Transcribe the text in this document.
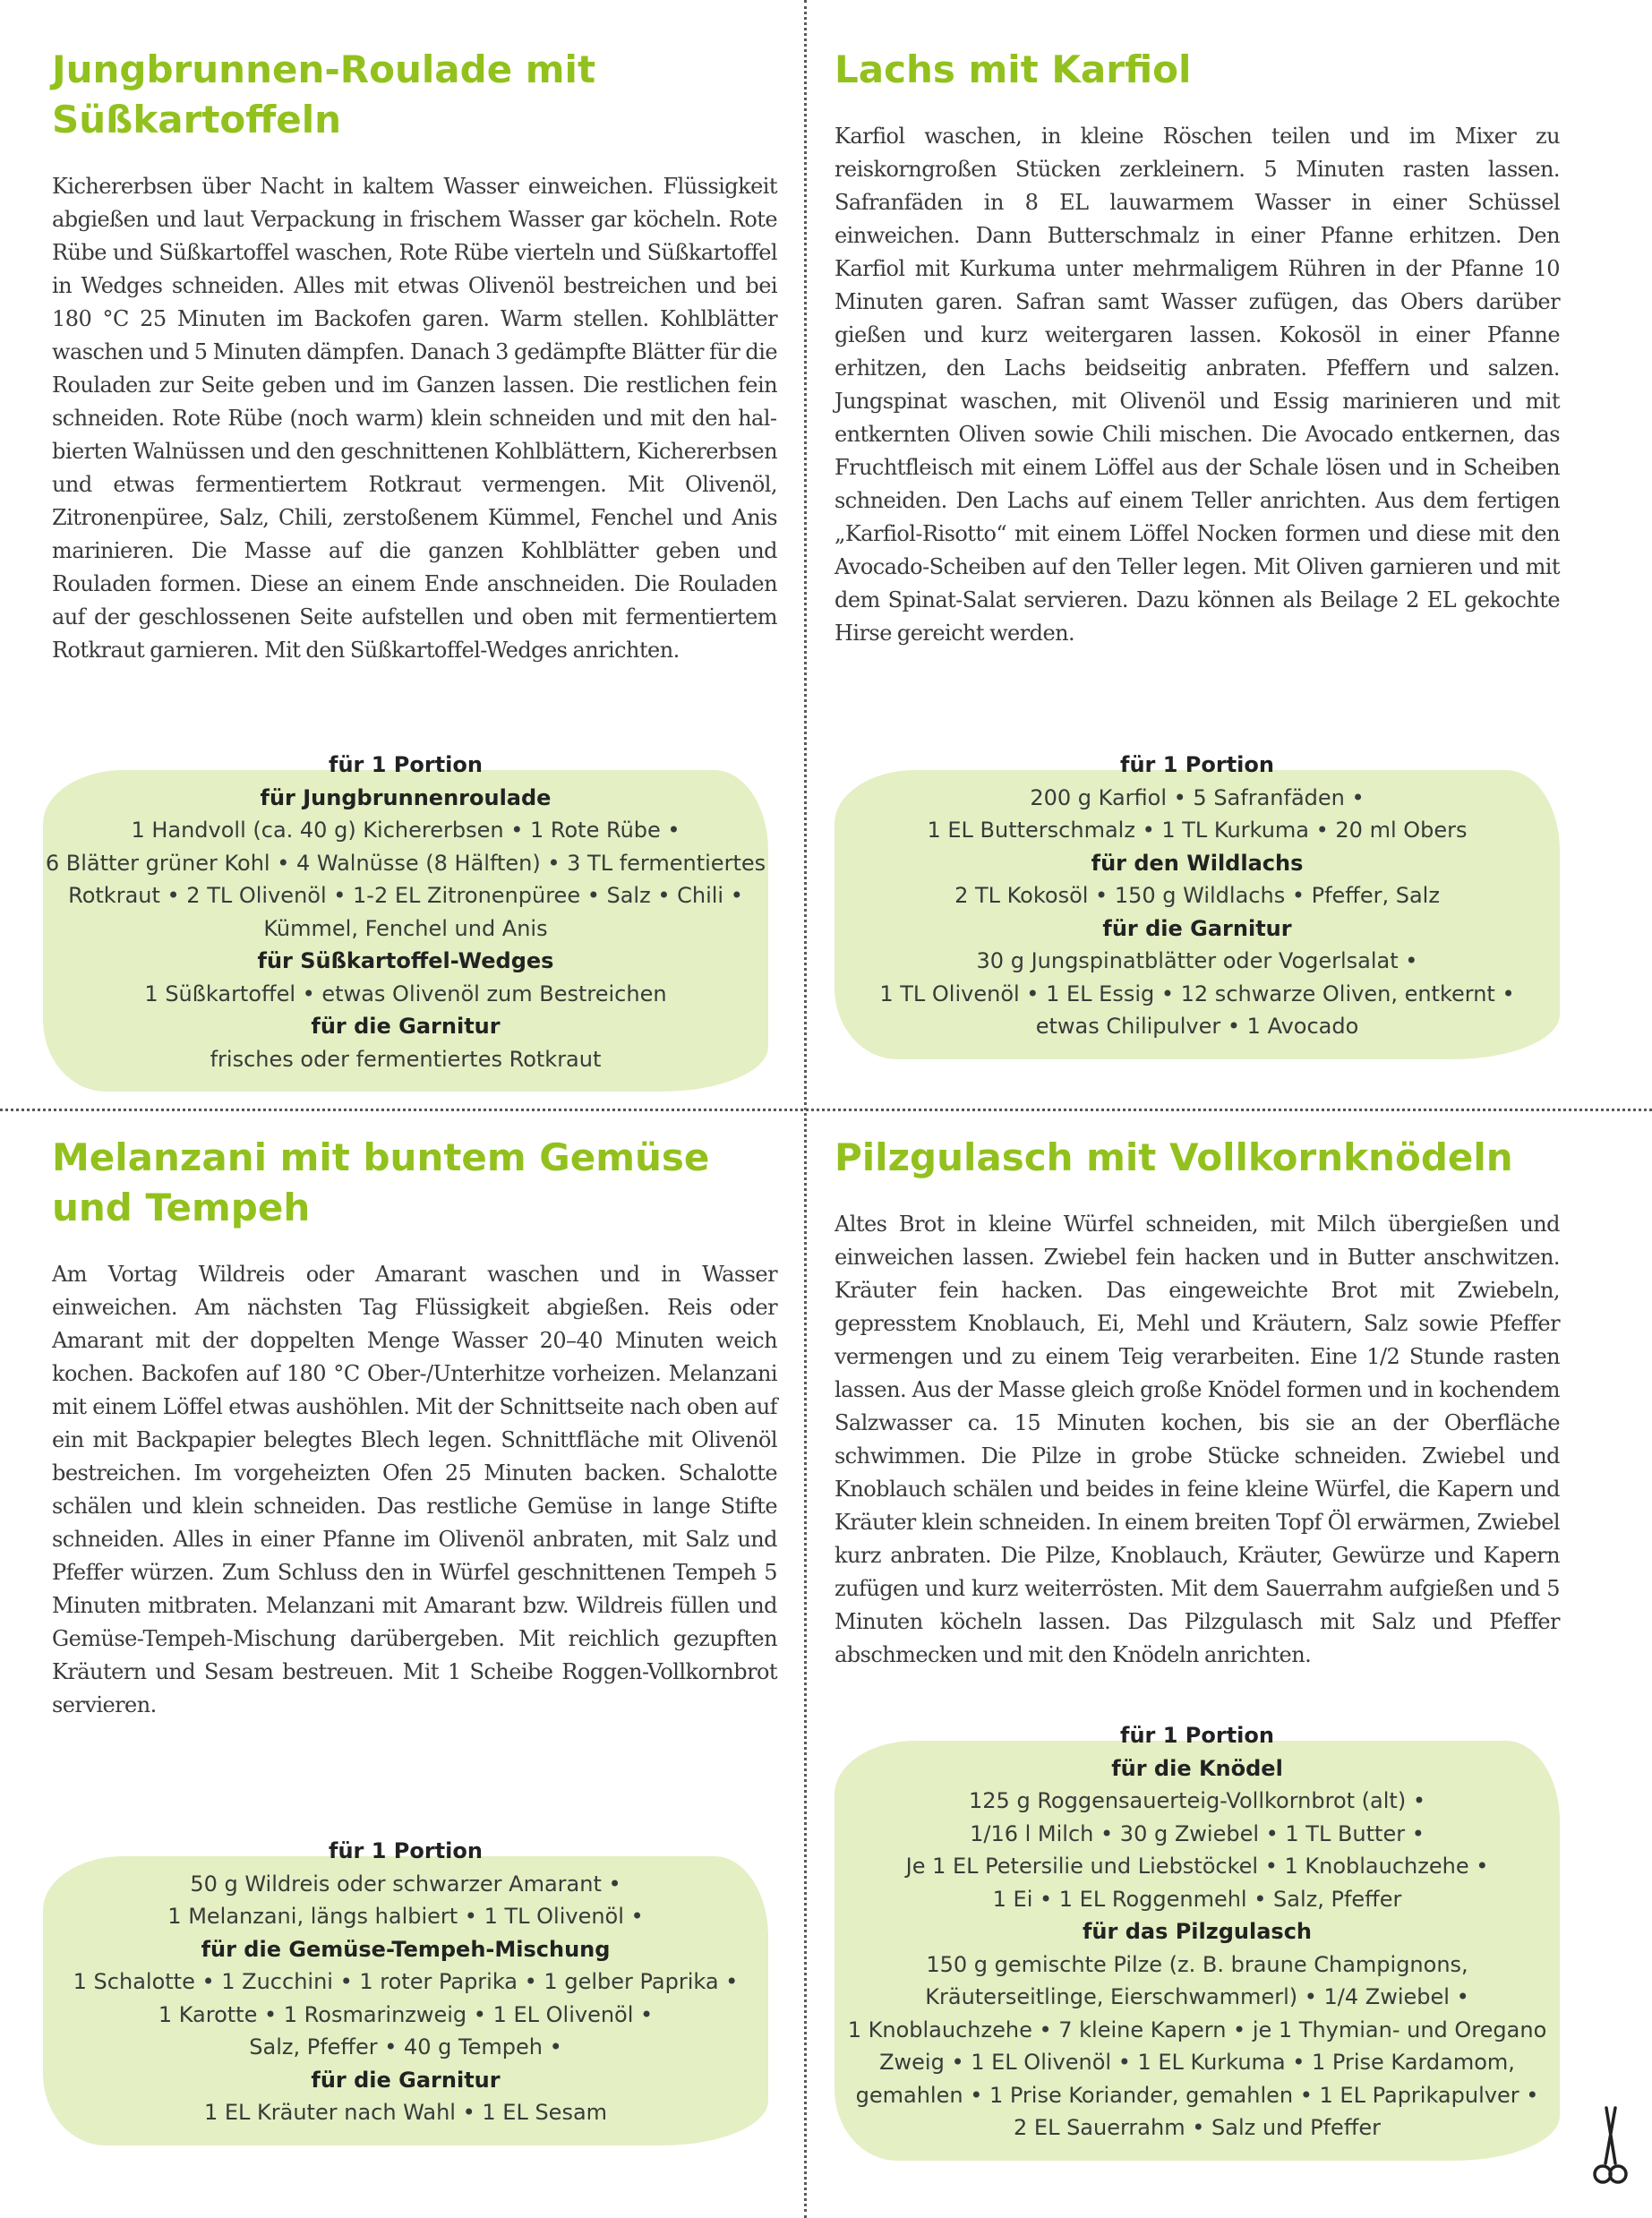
Jungbrunnen-Roulade mit Süßkartoffeln

Kichererbsen über Nacht in kaltem Wasser einweichen. Flüssigkeit abgießen und laut Verpackung in frischem Wasser gar köcheln. Rote Rübe und Süßkartoffel waschen, Rote Rübe vierteln und Süßkartoffel in Wedges schneiden. Alles mit etwas Olivenöl bestreichen und bei 180 °C 25 Minuten im Backofen garen. Warm stellen. Kohlblätter waschen und 5 Minuten dämpfen. Danach 3 gedämpfte Blätter für die Rouladen zur Seite geben und im Ganzen lassen. Die restlichen fein schneiden. Rote Rübe (noch warm) klein schneiden und mit den halbierten Walnüssen und den geschnittenen Kohlblättern, Kichererbsen und etwas fermentiertem Rotkraut vermengen. Mit Olivenöl, Zitronenpüree, Salz, Chili, zerstoßenem Kümmel, Fenchel und Anis marinieren. Die Masse auf die ganzen Kohlblätter geben und Rouladen formen. Diese an einem Ende anschneiden. Die Rouladen auf der geschlossenen Seite aufstellen und oben mit fermentiertem Rotkraut garnieren. Mit den Süßkartoffel-Wedges anrichten.

für 1 Portion
für Jungbrunnenroulade
1 Handvoll (ca. 40 g) Kichererbsen • 1 Rote Rübe •
6 Blätter grüner Kohl • 4 Walnüsse (8 Hälften) • 3 TL fermentiertes
Rotkraut • 2 TL Olivenöl • 1-2 EL Zitronenpüree • Salz • Chili •
Kümmel, Fenchel und Anis
für Süßkartoffel-Wedges
1 Süßkartoffel • etwas Olivenöl zum Bestreichen
für die Garnitur
frisches oder fermentiertes Rotkraut
Lachs mit Karfiol

Karfiol waschen, in kleine Röschen teilen und im Mixer zu reiskorngroßen Stücken zerkleinern. 5 Minuten rasten lassen. Safranfäden in 8 EL lauwarmem Wasser in einer Schüssel einweichen. Dann Butterschmalz in einer Pfanne erhitzen. Den Karfiol mit Kurkuma unter mehrmaligem Rühren in der Pfanne 10 Minuten garen. Safran samt Wasser zufügen, das Obers darüber gießen und kurz weitergaren lassen. Kokosöl in einer Pfanne erhitzen, den Lachs beidseitig anbraten. Pfeffern und salzen. Jungspinat waschen, mit Olivenöl und Essig marinieren und mit entkernten Oliven sowie Chili mischen. Die Avocado entkernen, das Fruchtfleisch mit einem Löffel aus der Schale lösen und in Scheiben schneiden. Den Lachs auf einem Teller anrichten. Aus dem fertigen „Karfiol-Risotto“ mit einem Löffel Nocken formen und diese mit den Avocado-Scheiben auf den Teller legen. Mit Oliven garnieren und mit dem Spinat-Salat servieren. Dazu können als Beilage 2 EL gekochte Hirse gereicht werden.

für 1 Portion
200 g Karfiol • 5 Safranfäden •
1 EL Butterschmalz • 1 TL Kurkuma • 20 ml Obers
für den Wildlachs
2 TL Kokosöl • 150 g Wildlachs • Pfeffer, Salz
für die Garnitur
30 g Jungspinatblätter oder Vogerlsalat •
1 TL Olivenöl • 1 EL Essig • 12 schwarze Oliven, entkernt •
etwas Chilipulver • 1 Avocado
Melanzani mit buntem Gemüse und Tempeh

Am Vortag Wildreis oder Amarant waschen und in Wasser einweichen. Am nächsten Tag Flüssigkeit abgießen. Reis oder Amarant mit der doppelten Menge Wasser 20–40 Minuten weich kochen. Backofen auf 180 °C Ober-/Unterhitze vorheizen. Melanzani mit einem Löffel etwas aushöhlen. Mit der Schnittseite nach oben auf ein mit Backpapier belegtes Blech legen. Schnittfläche mit Olivenöl bestreichen. Im vorgeheizten Ofen 25 Minuten backen. Schalotte schälen und klein schneiden. Das restliche Gemüse in lange Stifte schneiden. Alles in einer Pfanne im Olivenöl anbraten, mit Salz und Pfeffer würzen. Zum Schluss den in Würfel geschnittenen Tempeh 5 Minuten mitbraten. Melanzani mit Amarant bzw. Wildreis füllen und Gemüse-Tempeh-Mischung darübergeben. Mit reichlich gezupften Kräutern und Sesam bestreuen. Mit 1 Scheibe Roggen-Vollkornbrot servieren.

für 1 Portion
50 g Wildreis oder schwarzer Amarant •
1 Melanzani, längs halbiert • 1 TL Olivenöl •
für die Gemüse-Tempeh-Mischung
1 Schalotte • 1 Zucchini • 1 roter Paprika • 1 gelber Paprika •
1 Karotte • 1 Rosmarinzweig • 1 EL Olivenöl •
Salz, Pfeffer • 40 g Tempeh •
für die Garnitur
1 EL Kräuter nach Wahl • 1 EL Sesam
Pilzgulasch mit Vollkornknödeln

Altes Brot in kleine Würfel schneiden, mit Milch übergießen und einweichen lassen. Zwiebel fein hacken und in Butter anschwitzen. Kräuter fein hacken. Das eingeweichte Brot mit Zwiebeln, gepresstem Knoblauch, Ei, Mehl und Kräutern, Salz sowie Pfeffer vermengen und zu einem Teig verarbeiten. Eine 1/2 Stunde rasten lassen. Aus der Masse gleich große Knödel formen und in kochendem Salzwasser ca. 15 Minuten kochen, bis sie an der Oberfläche schwimmen. Die Pilze in grobe Stücke schneiden. Zwiebel und Knoblauch schälen und beides in feine kleine Würfel, die Kapern und Kräuter klein schneiden. In einem breiten Topf Öl erwärmen, Zwiebel kurz anbraten. Die Pilze, Knoblauch, Kräuter, Gewürze und Kapern zufügen und kurz weiterrösten. Mit dem Sauerrahm aufgießen und 5 Minuten köcheln lassen. Das Pilzgulasch mit Salz und Pfeffer abschmecken und mit den Knödeln anrichten.

für 1 Portion
für die Knödel
125 g Roggensauerteig-Vollkornbrot (alt) •
1/16 l Milch • 30 g Zwiebel • 1 TL Butter •
Je 1 EL Petersilie und Liebstöckel • 1 Knoblauchzehe •
1 Ei • 1 EL Roggenmehl • Salz, Pfeffer
für das Pilzgulasch
150 g gemischte Pilze (z. B. braune Champignons,
Kräuterseitlinge, Eierschwammerl) • 1/4 Zwiebel •
1 Knoblauchzehe • 7 kleine Kapern • je 1 Thymian- und Oregano
Zweig • 1 EL Olivenöl • 1 EL Kurkuma • 1 Prise Kardamom,
gemahlen • 1 Prise Koriander, gemahlen • 1 EL Paprikapulver •
2 EL Sauerrahm • Salz und Pfeffer
